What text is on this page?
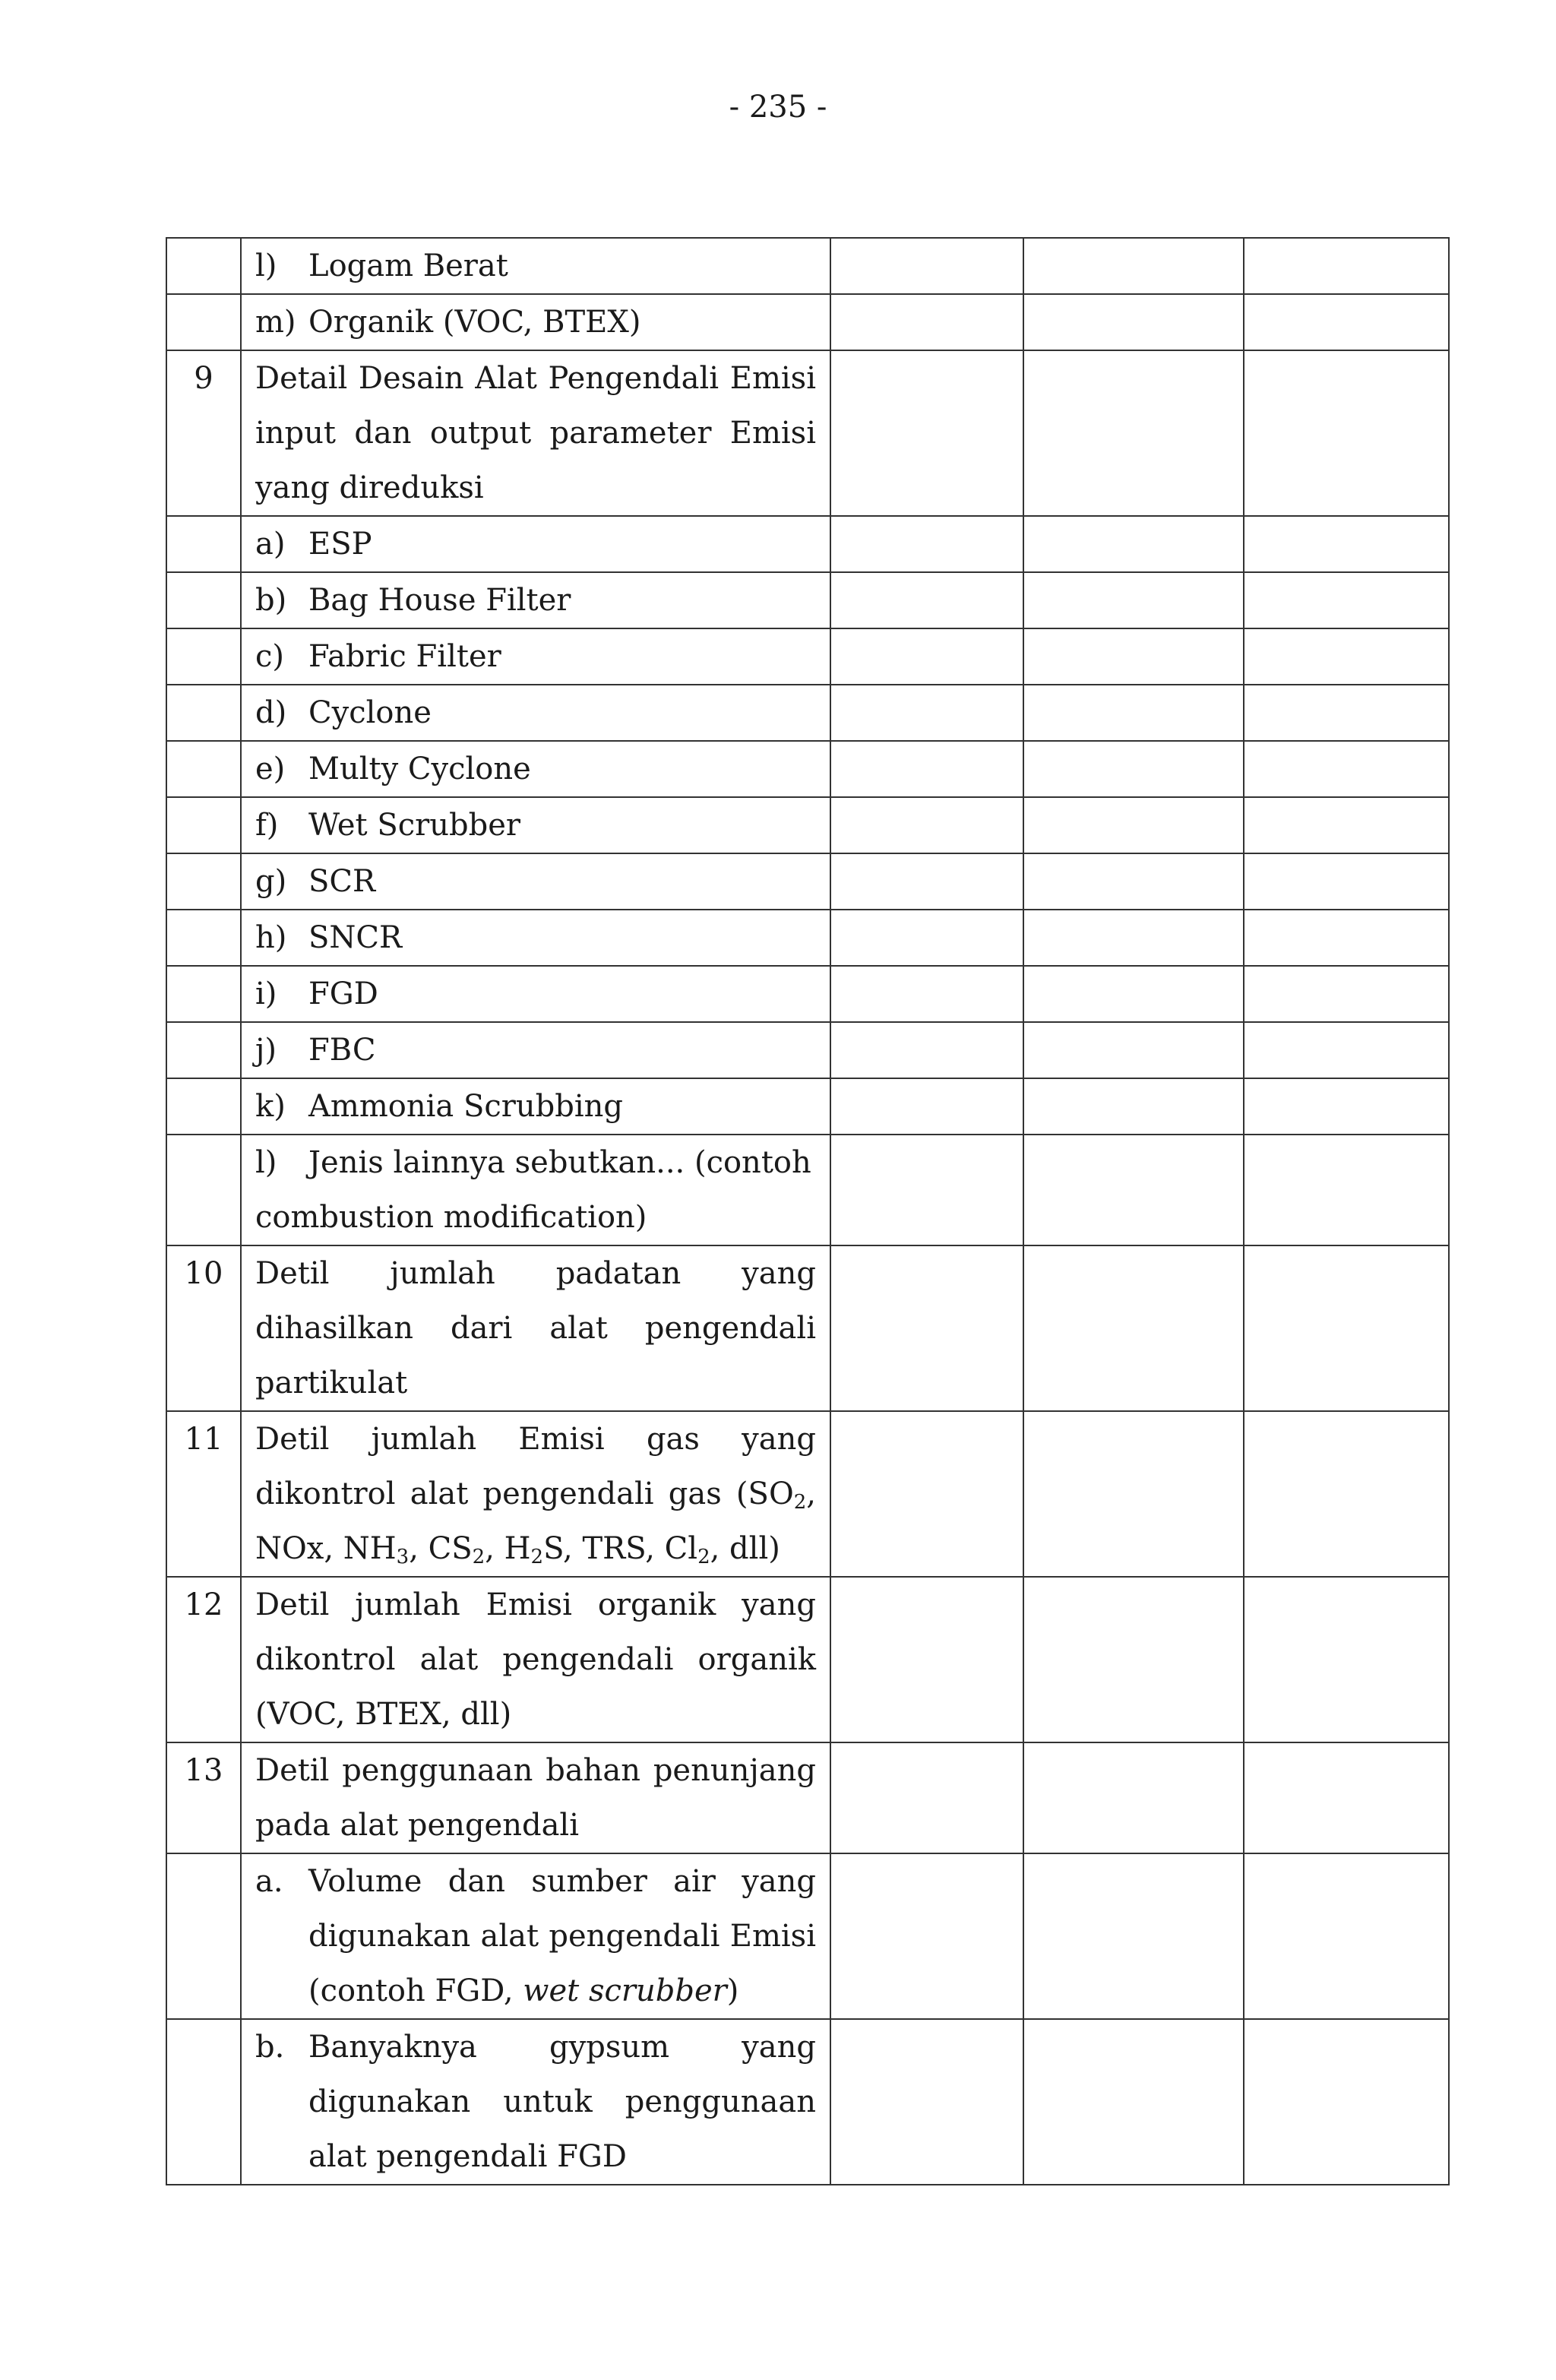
- 235 -

	l) Logam Berat			

	m) Organik (VOC, BTEX)			

9	Detail Desain Alat Pengendali Emisi input dan output parameter Emisi yang direduksi			

	a) ESP			

	b) Bag House Filter			

	c) Fabric Filter			

	d) Cyclone			

	e) Multy Cyclone			

	f) Wet Scrubber			

	g) SCR			

	h) SNCR			

	i) FGD			

	j) FBC			

	k) Ammonia Scrubbing			

	l) Jenis lainnya sebutkan... (contoh
combustion modification)			

10	Detil jumlah padatan yang dihasilkan dari alat pengendali partikulat			
11	Detil jumlah Emisi gas yang dikontrol alat pengendali gas ($SO_2$, NOx, $NH_3$, $CS_2$, $H_2S$, TRS, $Cl_2$, dll)			
12	Detil jumlah Emisi organik yang dikontrol alat pengendali organik (VOC, BTEX, dll)			
13	Detil penggunaan bahan penunjang pada alat pengendali			

	a. Volume dan sumber air yang digunakan alat pengendali Emisi (contoh FGD, wet scrubber)			

	b. Banyaknya gypsum yang digunakan untuk penggunaan alat pengendali FGD			
